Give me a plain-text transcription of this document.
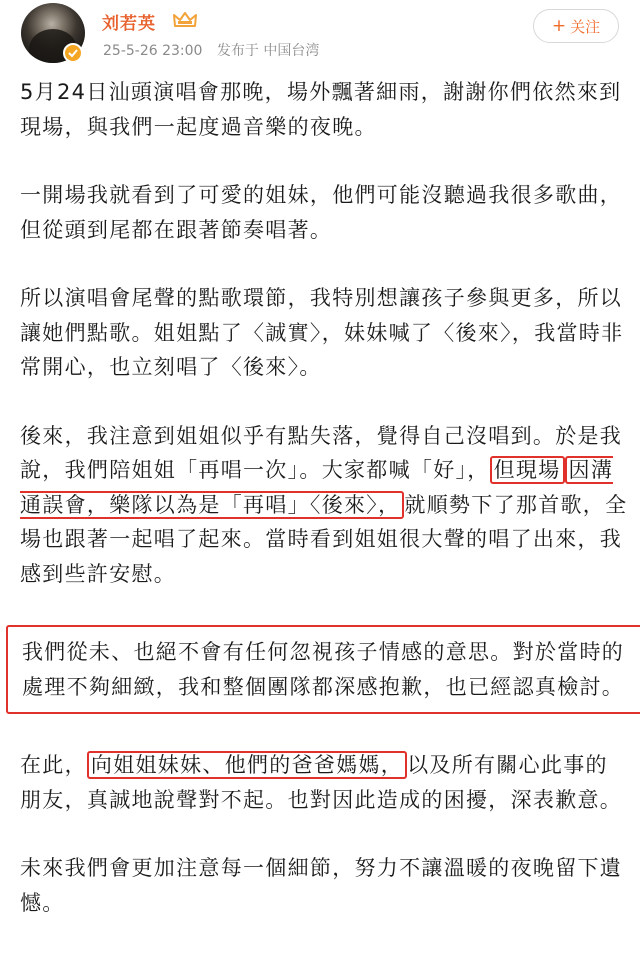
刘若英
25-5-26 23:00 发布于 中国台湾
+ 关注

5月24日汕頭演唱會那晚，場外飄著細雨，謝謝你們依然來到現場，與我們一起度過音樂的夜晚。

一開場我就看到了可愛的姐妹，他們可能沒聽過我很多歌曲，但從頭到尾都在跟著節奏唱著。

所以演唱會尾聲的點歌環節，我特別想讓孩子參與更多，所以讓她們點歌。姐姐點了〈誠實〉，妹妹喊了〈後來〉，我當時非常開心，也立刻唱了〈後來〉。

後來，我注意到姐姐似乎有點失落，覺得自己沒唱到。於是我說，我們陪姐姐「再唱一次」。大家都喊「好」， 但現場 因溝通誤會，樂隊以為是「再唱」〈後來〉， 就順勢下了那首歌，全場也跟著一起唱了起來。當時看到姐姐很大聲的唱了出來，我感到些許安慰。

我們從未、也絕不會有任何忽視孩子情感的意思。對於當時的處理不夠細緻，我和整個團隊都深感抱歉，也已經認真檢討。

在此， 向姐姐妹妹、他們的爸爸媽媽， 以及所有關心此事的朋友，真誠地說聲對不起。也對因此造成的困擾，深表歉意。

未來我們會更加注意每一個細節，努力不讓溫暖的夜晚留下遺憾。
